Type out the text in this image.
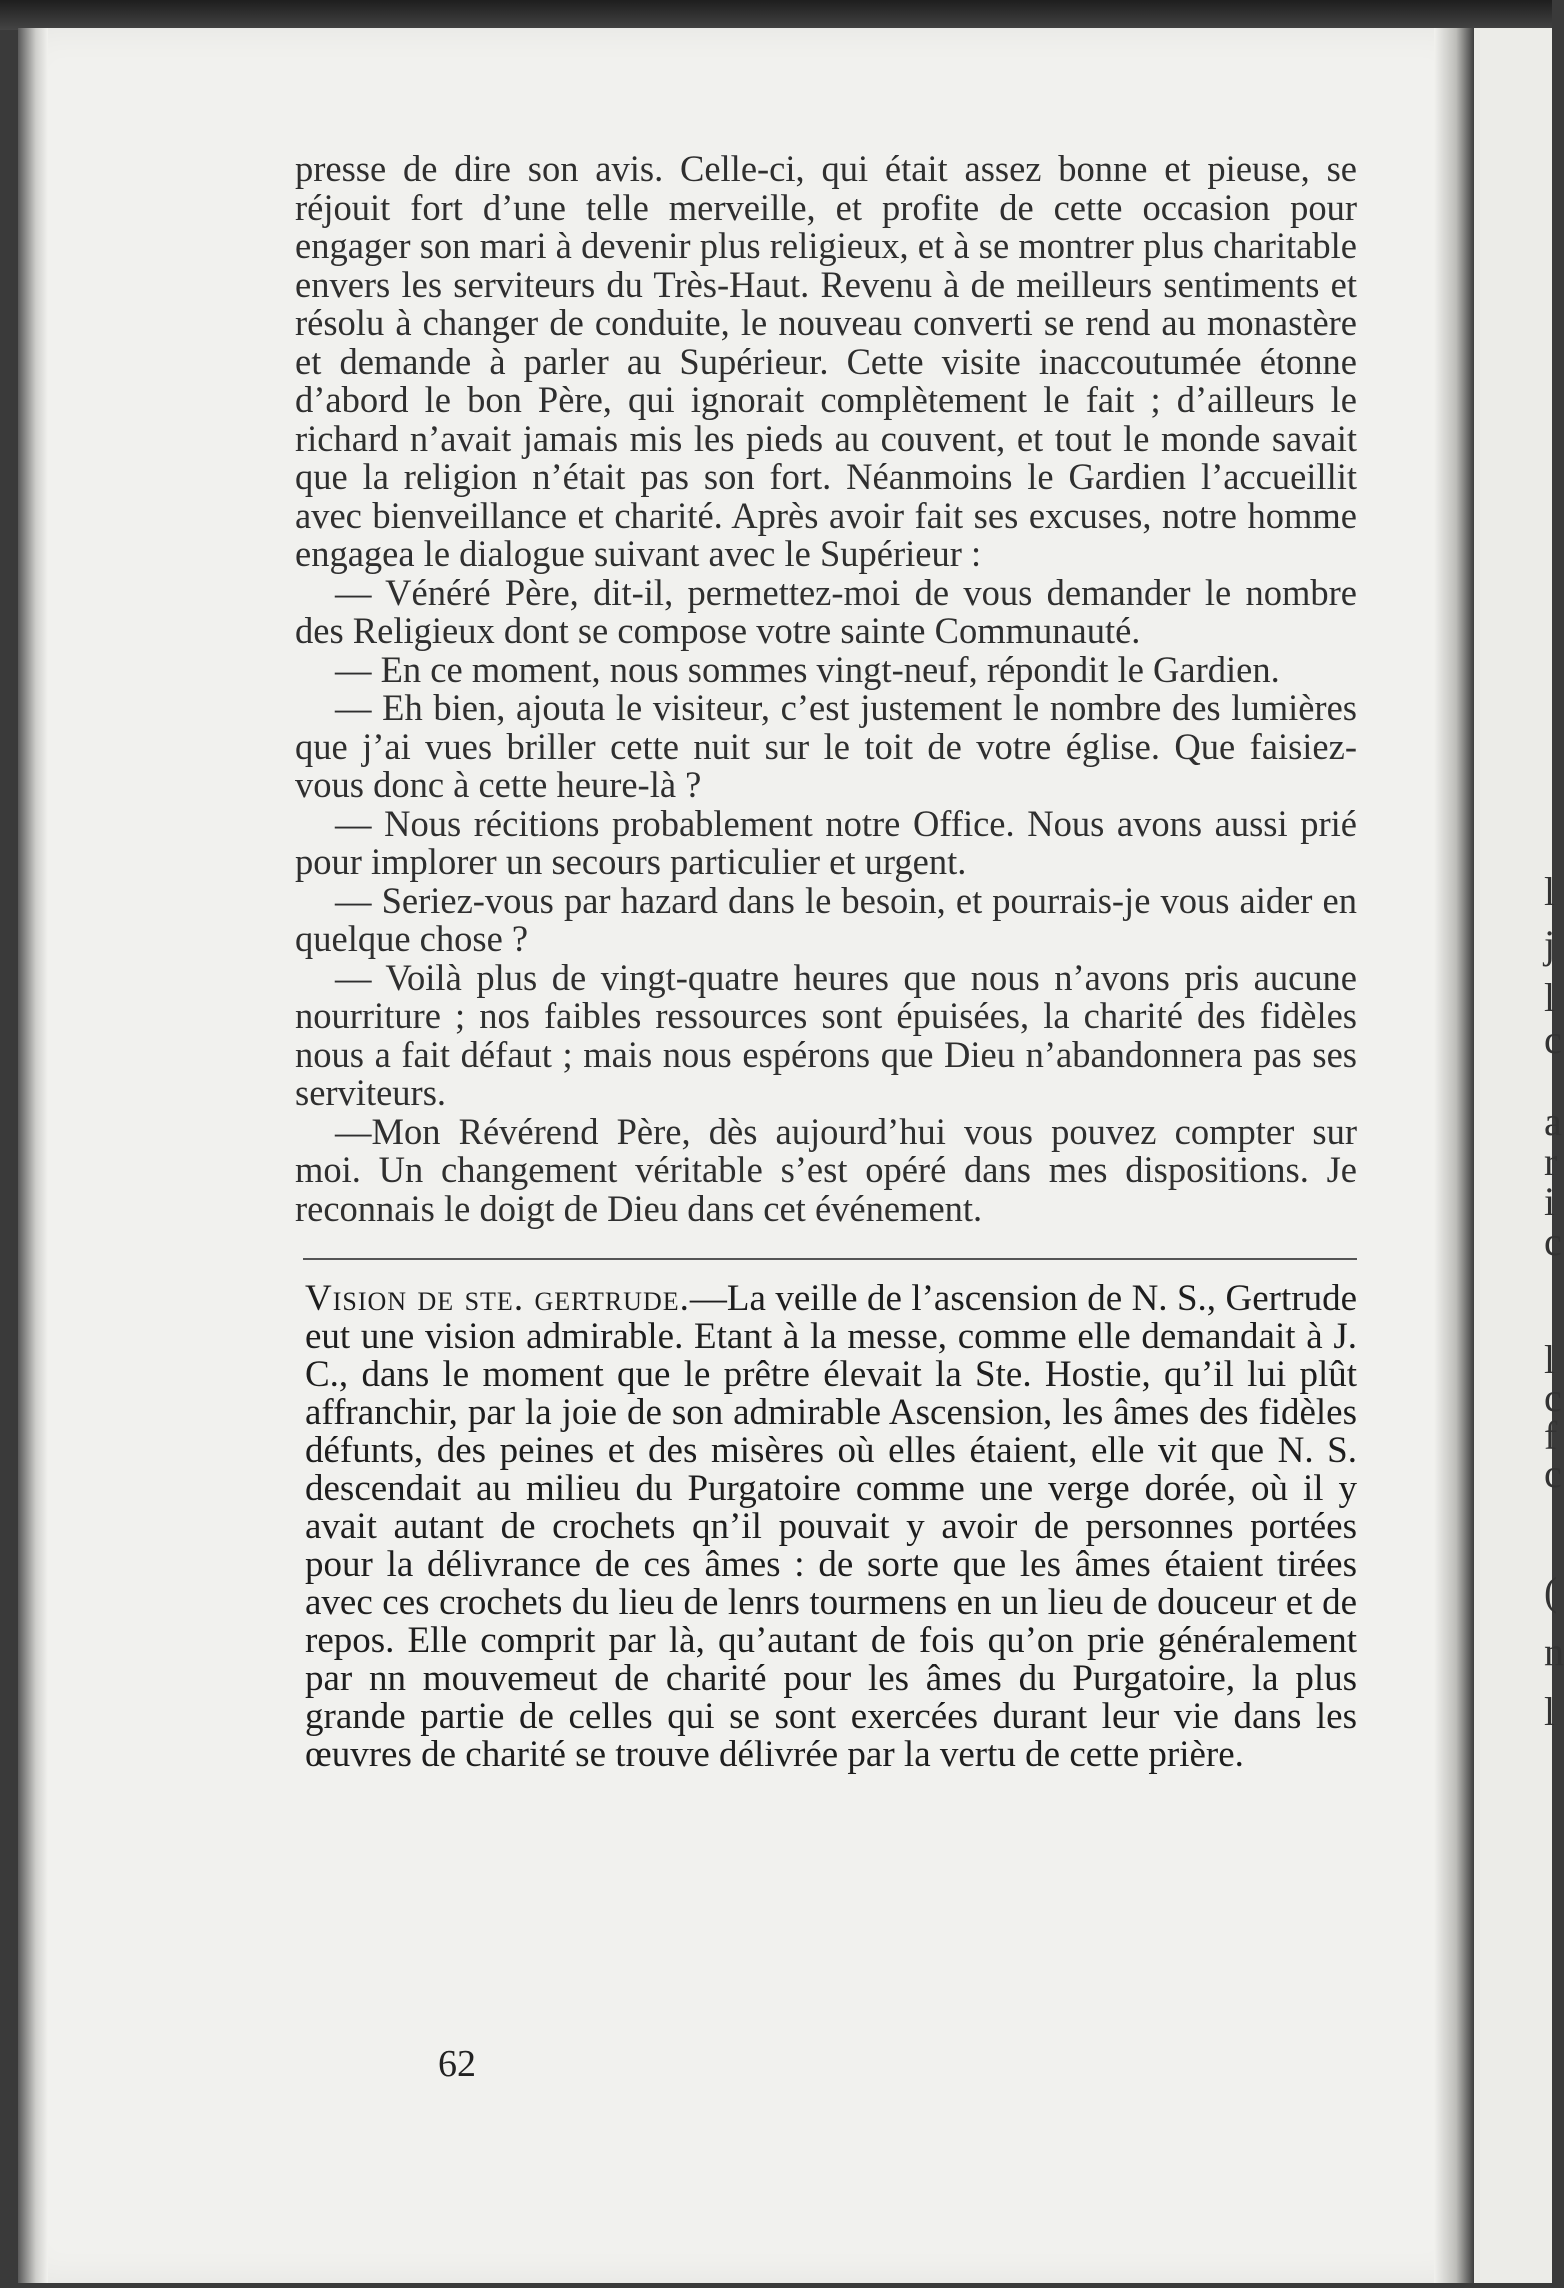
l
j
l
c
a
r
i
c
l
c
f
c
(
n
l

presse de dire son avis. Celle-ci, qui était assez bonne et pieuse, se réjouit fort d’une telle merveille, et profite de cette occasion pour engager son mari à devenir plus religieux, et à se montrer plus charitable envers les serviteurs du Très-Haut. Revenu à de meilleurs sentiments et résolu à changer de conduite, le nouveau converti se rend au monastère et demande à parler au Supérieur. Cette visite inaccoutumée étonne d’abord le bon Père, qui ignorait complètement le fait ; d’ailleurs le richard n’avait jamais mis les pieds au couvent, et tout le monde savait que la religion n’était pas son fort. Néanmoins le Gardien l’accueillit avec bienveillance et charité. Après avoir fait ses excuses, notre homme engagea le dialogue suivant avec le Supérieur :

— Vénéré Père, dit-il, permettez-moi de vous demander le nombre des Religieux dont se compose votre sainte Communauté.

— En ce moment, nous sommes vingt-neuf, répondit le Gardien.

— Eh bien, ajouta le visiteur, c’est justement le nombre des lumières que j’ai vues briller cette nuit sur le toit de votre église. Que faisiez-vous donc à cette heure-là ?

— Nous récitions probablement notre Office. Nous avons aussi prié pour implorer un secours particulier et urgent.

— Seriez-vous par hazard dans le besoin, et pourrais-je vous aider en quelque chose ?

— Voilà plus de vingt-quatre heures que nous n’avons pris aucune nourriture ; nos faibles ressources sont épuisées, la charité des fidèles nous a fait défaut ; mais nous espérons que Dieu n’abandonnera pas ses serviteurs.

—Mon Révérend Père, dès aujourd’hui vous pouvez compter sur moi. Un changement véritable s’est opéré dans mes dispositions. Je reconnais le doigt de Dieu dans cet événement.

Vision de ste. gertrude.—La veille de l’ascension de N. S., Gertrude eut une vision admirable. Etant à la messe, comme elle demandait à J. C., dans le moment que le prêtre élevait la Ste. Hostie, qu’il lui plût affranchir, par la joie de son admirable Ascension, les âmes des fidèles défunts, des peines et des misères où elles étaient, elle vit que N. S. descendait au milieu du Purgatoire comme une verge dorée, où il y avait autant de crochets qn’il pouvait y avoir de personnes portées pour la délivrance de ces âmes : de sorte que les âmes étaient tirées avec ces crochets du lieu de lenrs tourmens en un lieu de douceur et de repos. Elle comprit par là, qu’autant de fois qu’on prie généralement par nn mouvemeut de charité pour les âmes du Purgatoire, la plus grande partie de celles qui se sont exercées durant leur vie dans les œuvres de charité se trouve délivrée par la vertu de cette prière.

62
